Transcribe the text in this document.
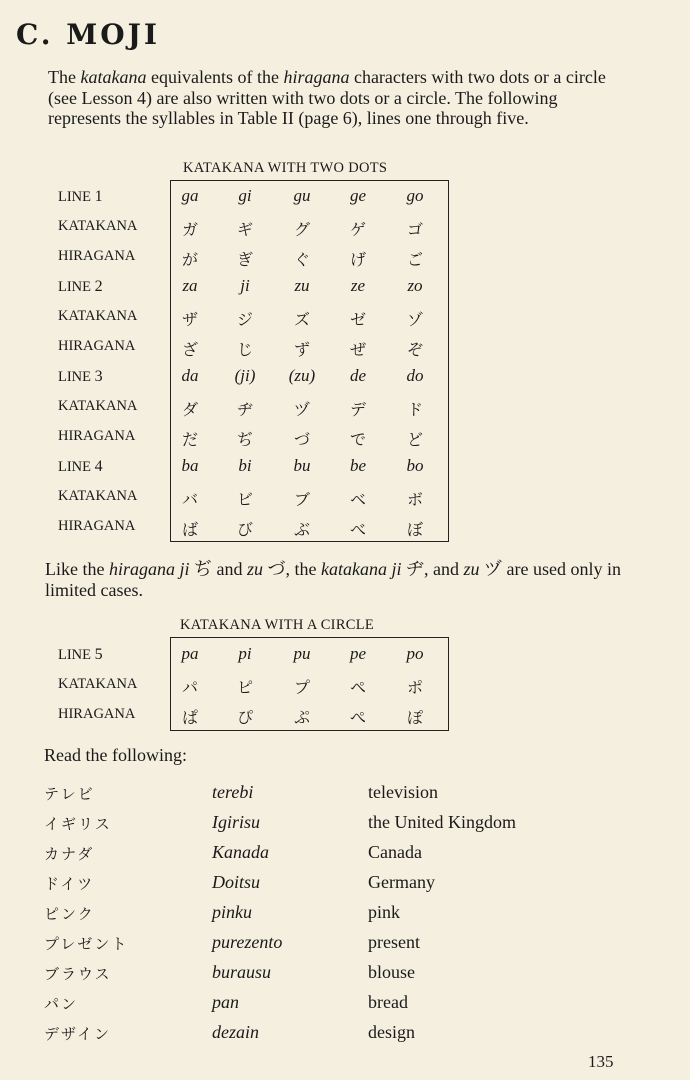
C. MOJI
The katakana equivalents of the hiragana characters with two dots or a circle (see Lesson 4) are also written with two dots or a circle. The following represents the syllables in Table II (page 6), lines one through five.
KATAKANA WITH TWO DOTS
LINE 1	ga	gi	gu	ge	go
KATAKANA	ガ	ギ	グ	ゲ	ゴ
HIRAGANA	が	ぎ	ぐ	げ	ご
LINE 2	za	ji	zu	ze	zo
KATAKANA	ザ	ジ	ズ	ゼ	ゾ
HIRAGANA	ざ	じ	ず	ぜ	ぞ
LINE 3	da	(ji)	(zu)	de	do
KATAKANA	ダ	ヂ	ヅ	デ	ド
HIRAGANA	だ	ぢ	づ	で	ど
LINE 4	ba	bi	bu	be	bo
KATAKANA	バ	ビ	ブ	ベ	ボ
HIRAGANA	ば	び	ぶ	べ	ぼ
Like the hiragana ji ぢ and zu づ, the katakana ji ヂ, and zu ヅ are used only in limited cases.
KATAKANA WITH A CIRCLE
LINE 5	pa	pi	pu	pe	po
KATAKANA	パ	ピ	プ	ペ	ポ
HIRAGANA	ぱ	ぴ	ぷ	ぺ	ぽ
Read the following:
テレビ	terebi	television
イギリス	Igirisu	the United Kingdom
カナダ	Kanada	Canada
ドイツ	Doitsu	Germany
ピンク	pinku	pink
プレゼント	purezento	present
ブラウス	burausu	blouse
パン	pan	bread
デザイン	dezain	design
135
